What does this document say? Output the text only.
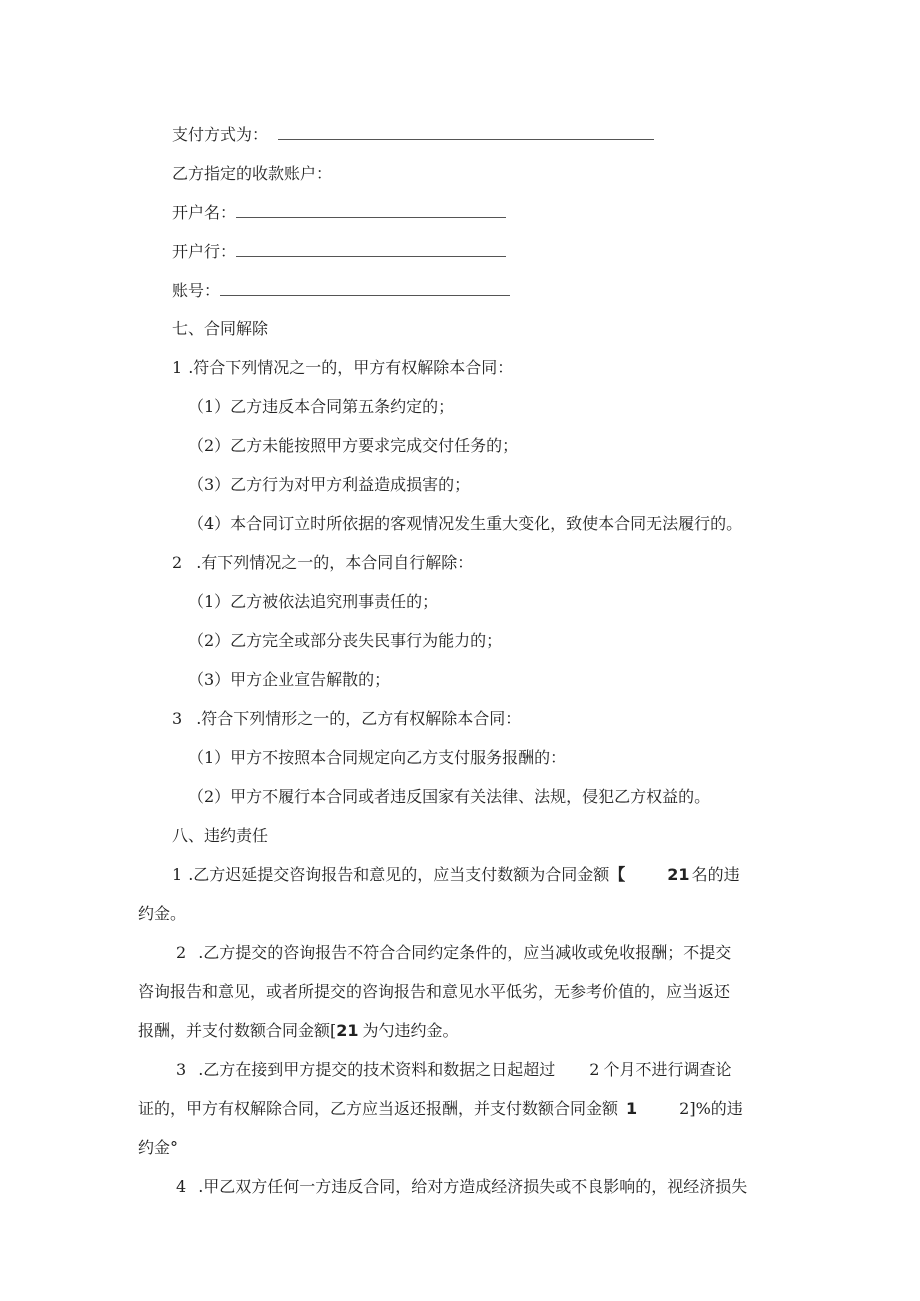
支付方式为：
乙方指定的收款账户：
开户名：
开户行：
账号：
七、合同解除
1 .符合下列情况之一的，甲方有权解除本合同：
（1）乙方违反本合同第五条约定的；
（2）乙方未能按照甲方要求完成交付任务的；
（3）乙方行为对甲方利益造成损害的；
（4）本合同订立时所依据的客观情况发生重大变化，致使本合同无法履行的。
2 .有下列情况之一的，本合同自行解除：
（1）乙方被依法追究刑事责任的；
（2）乙方完全或部分丧失民事行为能力的；
（3）甲方企业宣告解散的；
3 .符合下列情形之一的，乙方有权解除本合同：
（1）甲方不按照本合同规定向乙方支付服务报酬的：
（2）甲方不履行本合同或者违反国家有关法律、法规，侵犯乙方权益的。
八、违约责任
1 .乙方迟延提交咨询报告和意见的，应当支付数额为合同金额【	21 名的违
约金。
2 .乙方提交的咨询报告不符合合同约定条件的，应当减收或免收报酬；不提交
咨询报告和意见，或者所提交的咨询报告和意见水平低劣，无参考价值的，应当返还
报酬，并支付数额合同金额[21 为勺违约金。
3 .乙方在接到甲方提交的技术资料和数据之日起超过 2 个月不进行调查论
证的，甲方有权解除合同，乙方应当返还报酬，并支付数额合同金额 1	2]%的违
约金°
4 .甲乙双方任何一方违反合同，给对方造成经济损失或不良影响的，视经济损失
